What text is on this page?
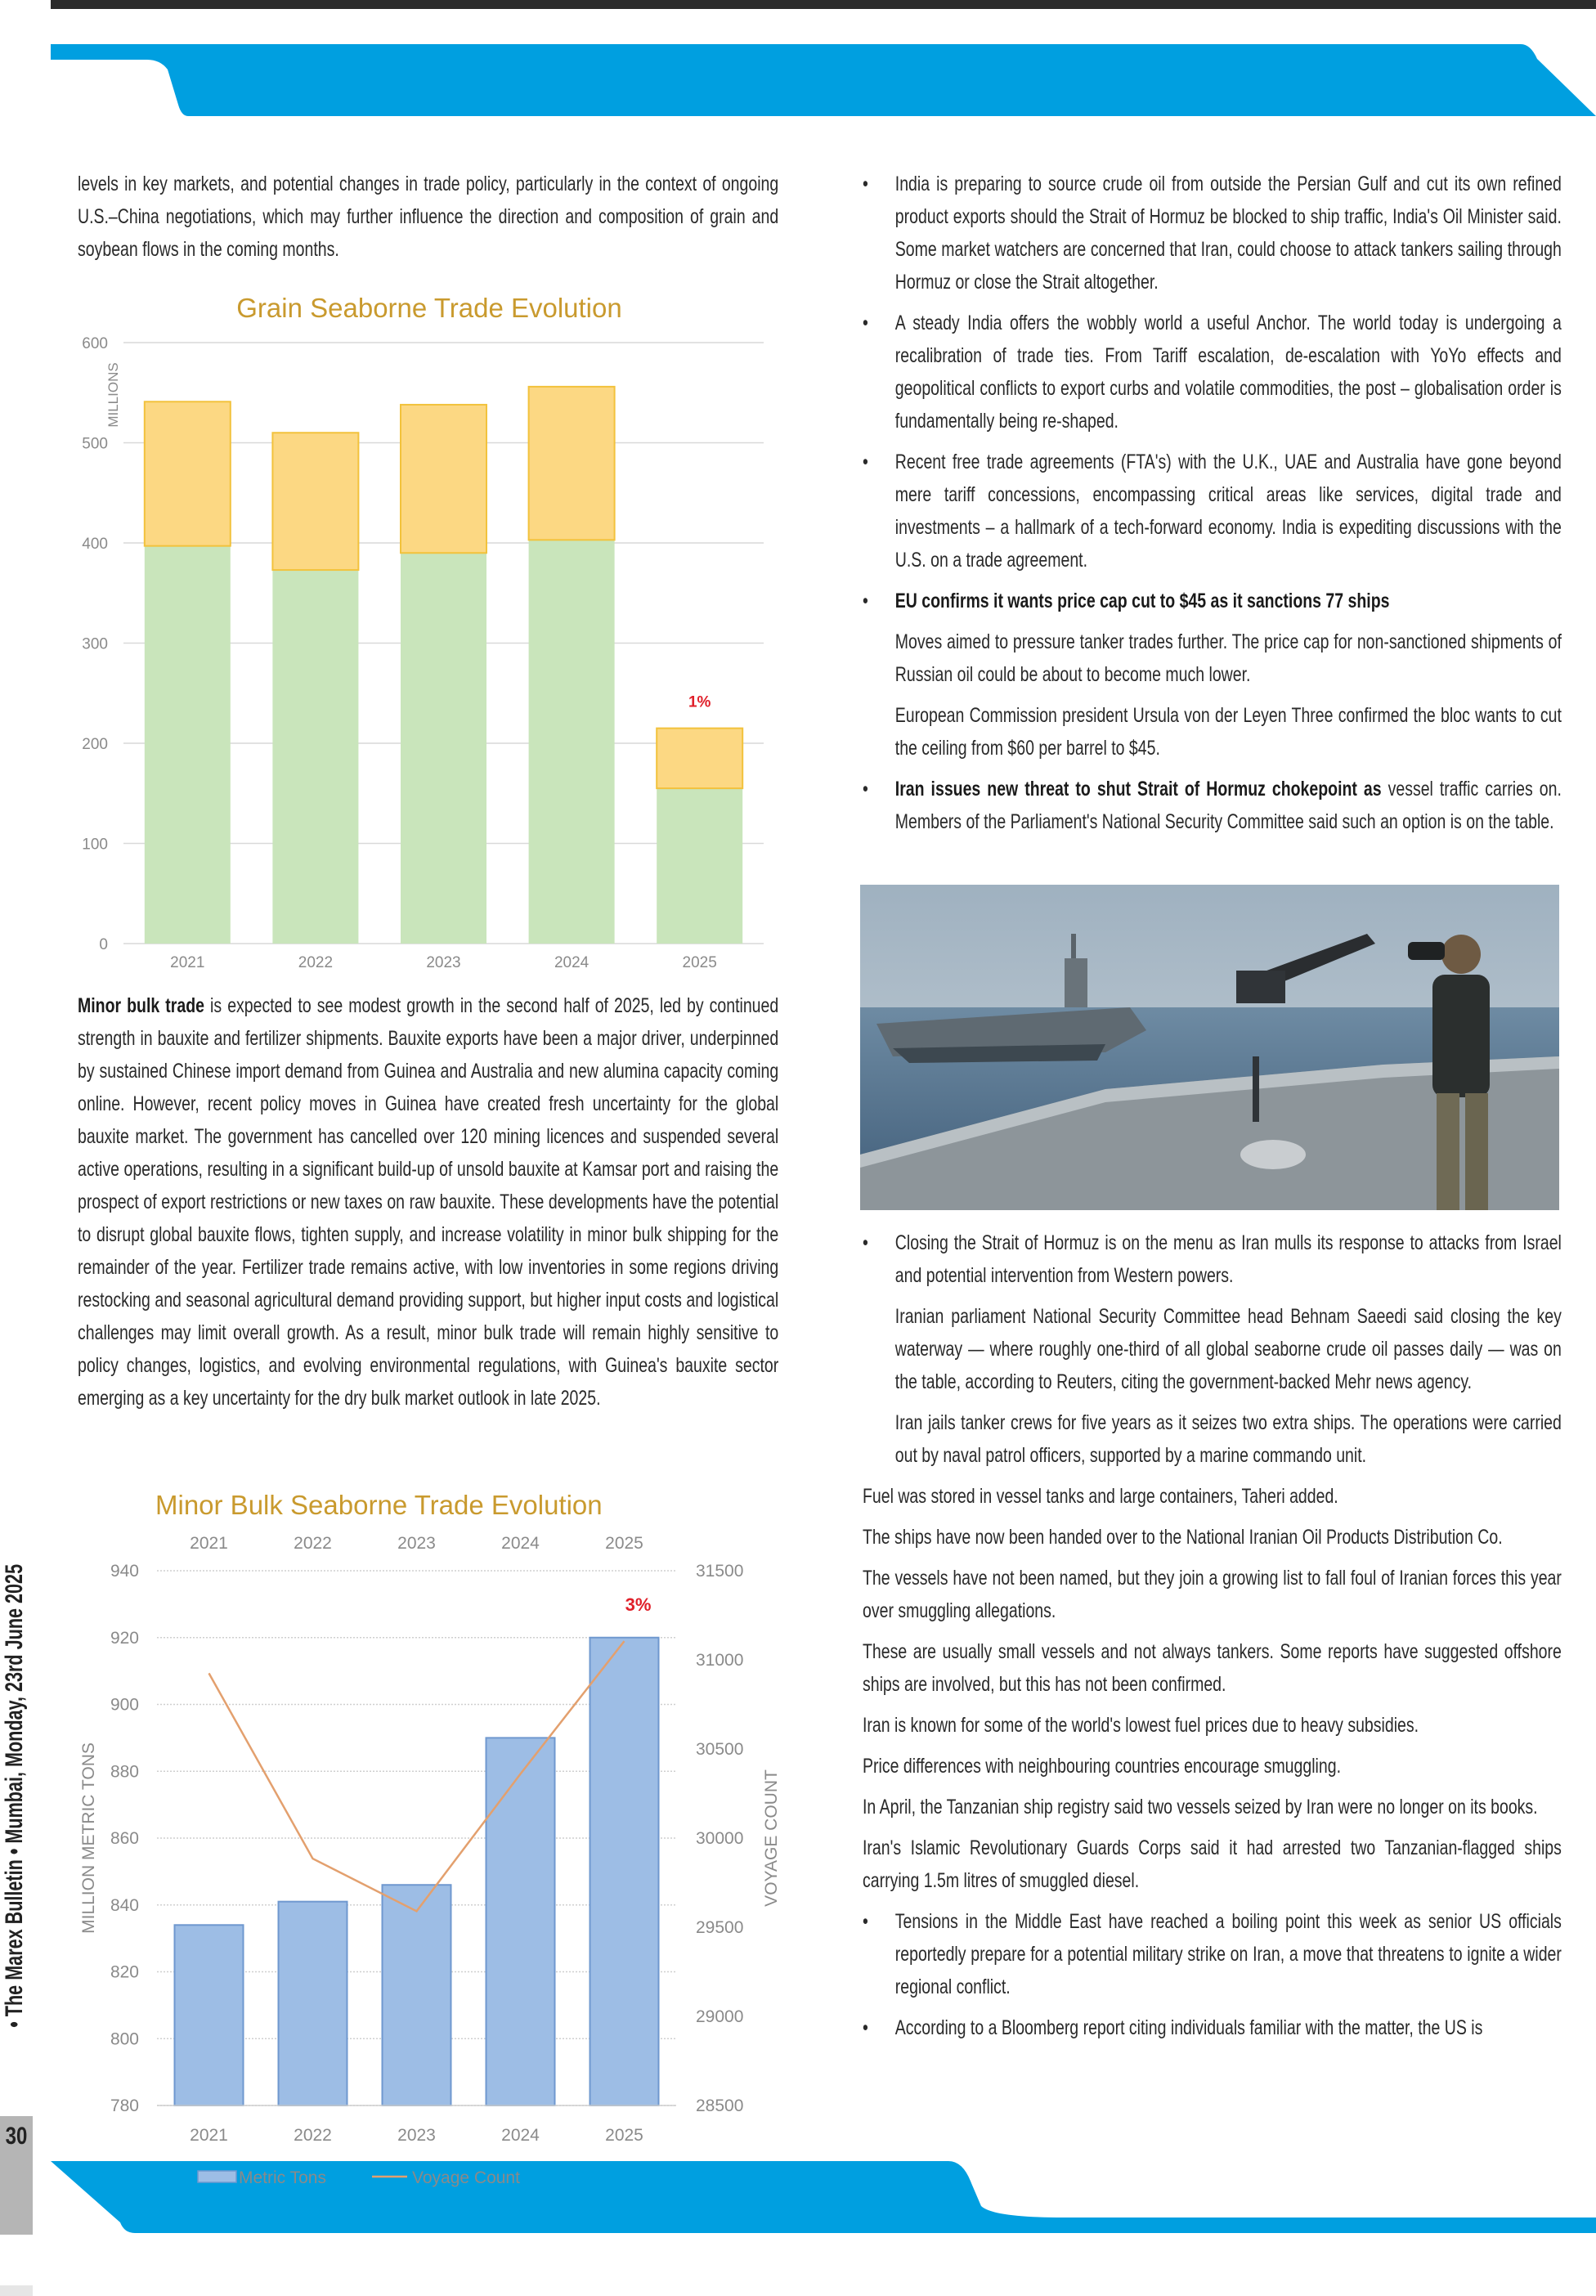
30
• The Marex Bulletin • Mumbai, Monday, 23rd June 2025

levels in key markets, and potential changes in trade policy, particularly in the context of ongoing U.S.–China negotiations, which may further influence the direction and composition of grain and soybean flows in the coming months.

Grain Seaborne Trade Evolution
0
100
200
300
400
500
600
MILLIONS
2021	2022	2023	2024	2025
1%

Minor bulk trade is expected to see modest growth in the second half of 2025, led by continued strength in bauxite and fertilizer shipments. Bauxite exports have been a major driver, underpinned by sustained Chinese import demand from Guinea and Australia and new alumina capacity coming online. However, recent policy moves in Guinea have created fresh uncertainty for the global bauxite market. The government has cancelled over 120 mining licences and suspended several active operations, resulting in a significant build-up of unsold bauxite at Kamsar port and raising the prospect of export restrictions or new taxes on raw bauxite. These developments have the potential to disrupt global bauxite flows, tighten supply, and increase volatility in minor bulk shipping for the remainder of the year. Fertilizer trade remains active, with low inventories in some regions driving restocking and seasonal agricultural demand providing support, but higher input costs and logistical challenges may limit overall growth. As a result, minor bulk trade will remain highly sensitive to policy changes, logistics, and evolving environmental regulations, with Guinea's bauxite sector emerging as a key uncertainty for the dry bulk market outlook in late 2025.

Minor Bulk Seaborne Trade Evolution
780
800
820
840
860
880
900
920
940
28500
29000
29500
30000
30500
31000
31500
MILLION METRIC TONS	VOYAGE COUNT
2021
2021
2022
2022
2023
2023
2024
2024
2025
2025
3%
Metric Tons	Voyage Count

• India is preparing to source crude oil from outside the Persian Gulf and cut its own refined product exports should the Strait of Hormuz be blocked to ship traffic, India's Oil Minister said. Some market watchers are concerned that Iran, could choose to attack tankers sailing through Hormuz or close the Strait altogether.

• A steady India offers the wobbly world a useful Anchor. The world today is undergoing a recalibration of trade ties. From Tariff escalation, de-escalation with YoYo effects and geopolitical conflicts to export curbs and volatile commodities, the post – globalisation order is fundamentally being re-shaped.

• Recent free trade agreements (FTA's) with the U.K., UAE and Australia have gone beyond mere tariff concessions, encompassing critical areas like services, digital trade and investments – a hallmark of a tech-forward economy. India is expediting discussions with the U.S. on a trade agreement.

• EU confirms it wants price cap cut to $45 as it sanctions 77 ships

Moves aimed to pressure tanker trades further. The price cap for non-sanctioned shipments of Russian oil could be about to become much lower.

European Commission president Ursula von der Leyen Three confirmed the bloc wants to cut the ceiling from $60 per barrel to $45.

• Iran issues new threat to shut Strait of Hormuz chokepoint as vessel traffic carries on. Members of the Parliament's National Security Committee said such an option is on the table.

• Closing the Strait of Hormuz is on the menu as Iran mulls its response to attacks from Israel and potential intervention from Western powers.

Iranian parliament National Security Committee head Behnam Saeedi said closing the key waterway — where roughly one-third of all global seaborne crude oil passes daily — was on the table, according to Reuters, citing the government-backed Mehr news agency.

Iran jails tanker crews for five years as it seizes two extra ships. The operations were carried out by naval patrol officers, supported by a marine commando unit.

Fuel was stored in vessel tanks and large containers, Taheri added.

The ships have now been handed over to the National Iranian Oil Products Distribution Co.

The vessels have not been named, but they join a growing list to fall foul of Iranian forces this year over smuggling allegations.

These are usually small vessels and not always tankers. Some reports have suggested offshore ships are involved, but this has not been confirmed.

Iran is known for some of the world's lowest fuel prices due to heavy subsidies.

Price differences with neighbouring countries encourage smuggling.

In April, the Tanzanian ship registry said two vessels seized by Iran were no longer on its books.

Iran's Islamic Revolutionary Guards Corps said it had arrested two Tanzanian-flagged ships carrying 1.5m litres of smuggled diesel.

• Tensions in the Middle East have reached a boiling point this week as senior US officials reportedly prepare for a potential military strike on Iran, a move that threatens to ignite a wider regional conflict.

• According to a Bloomberg report citing individuals familiar with the matter, the US is
